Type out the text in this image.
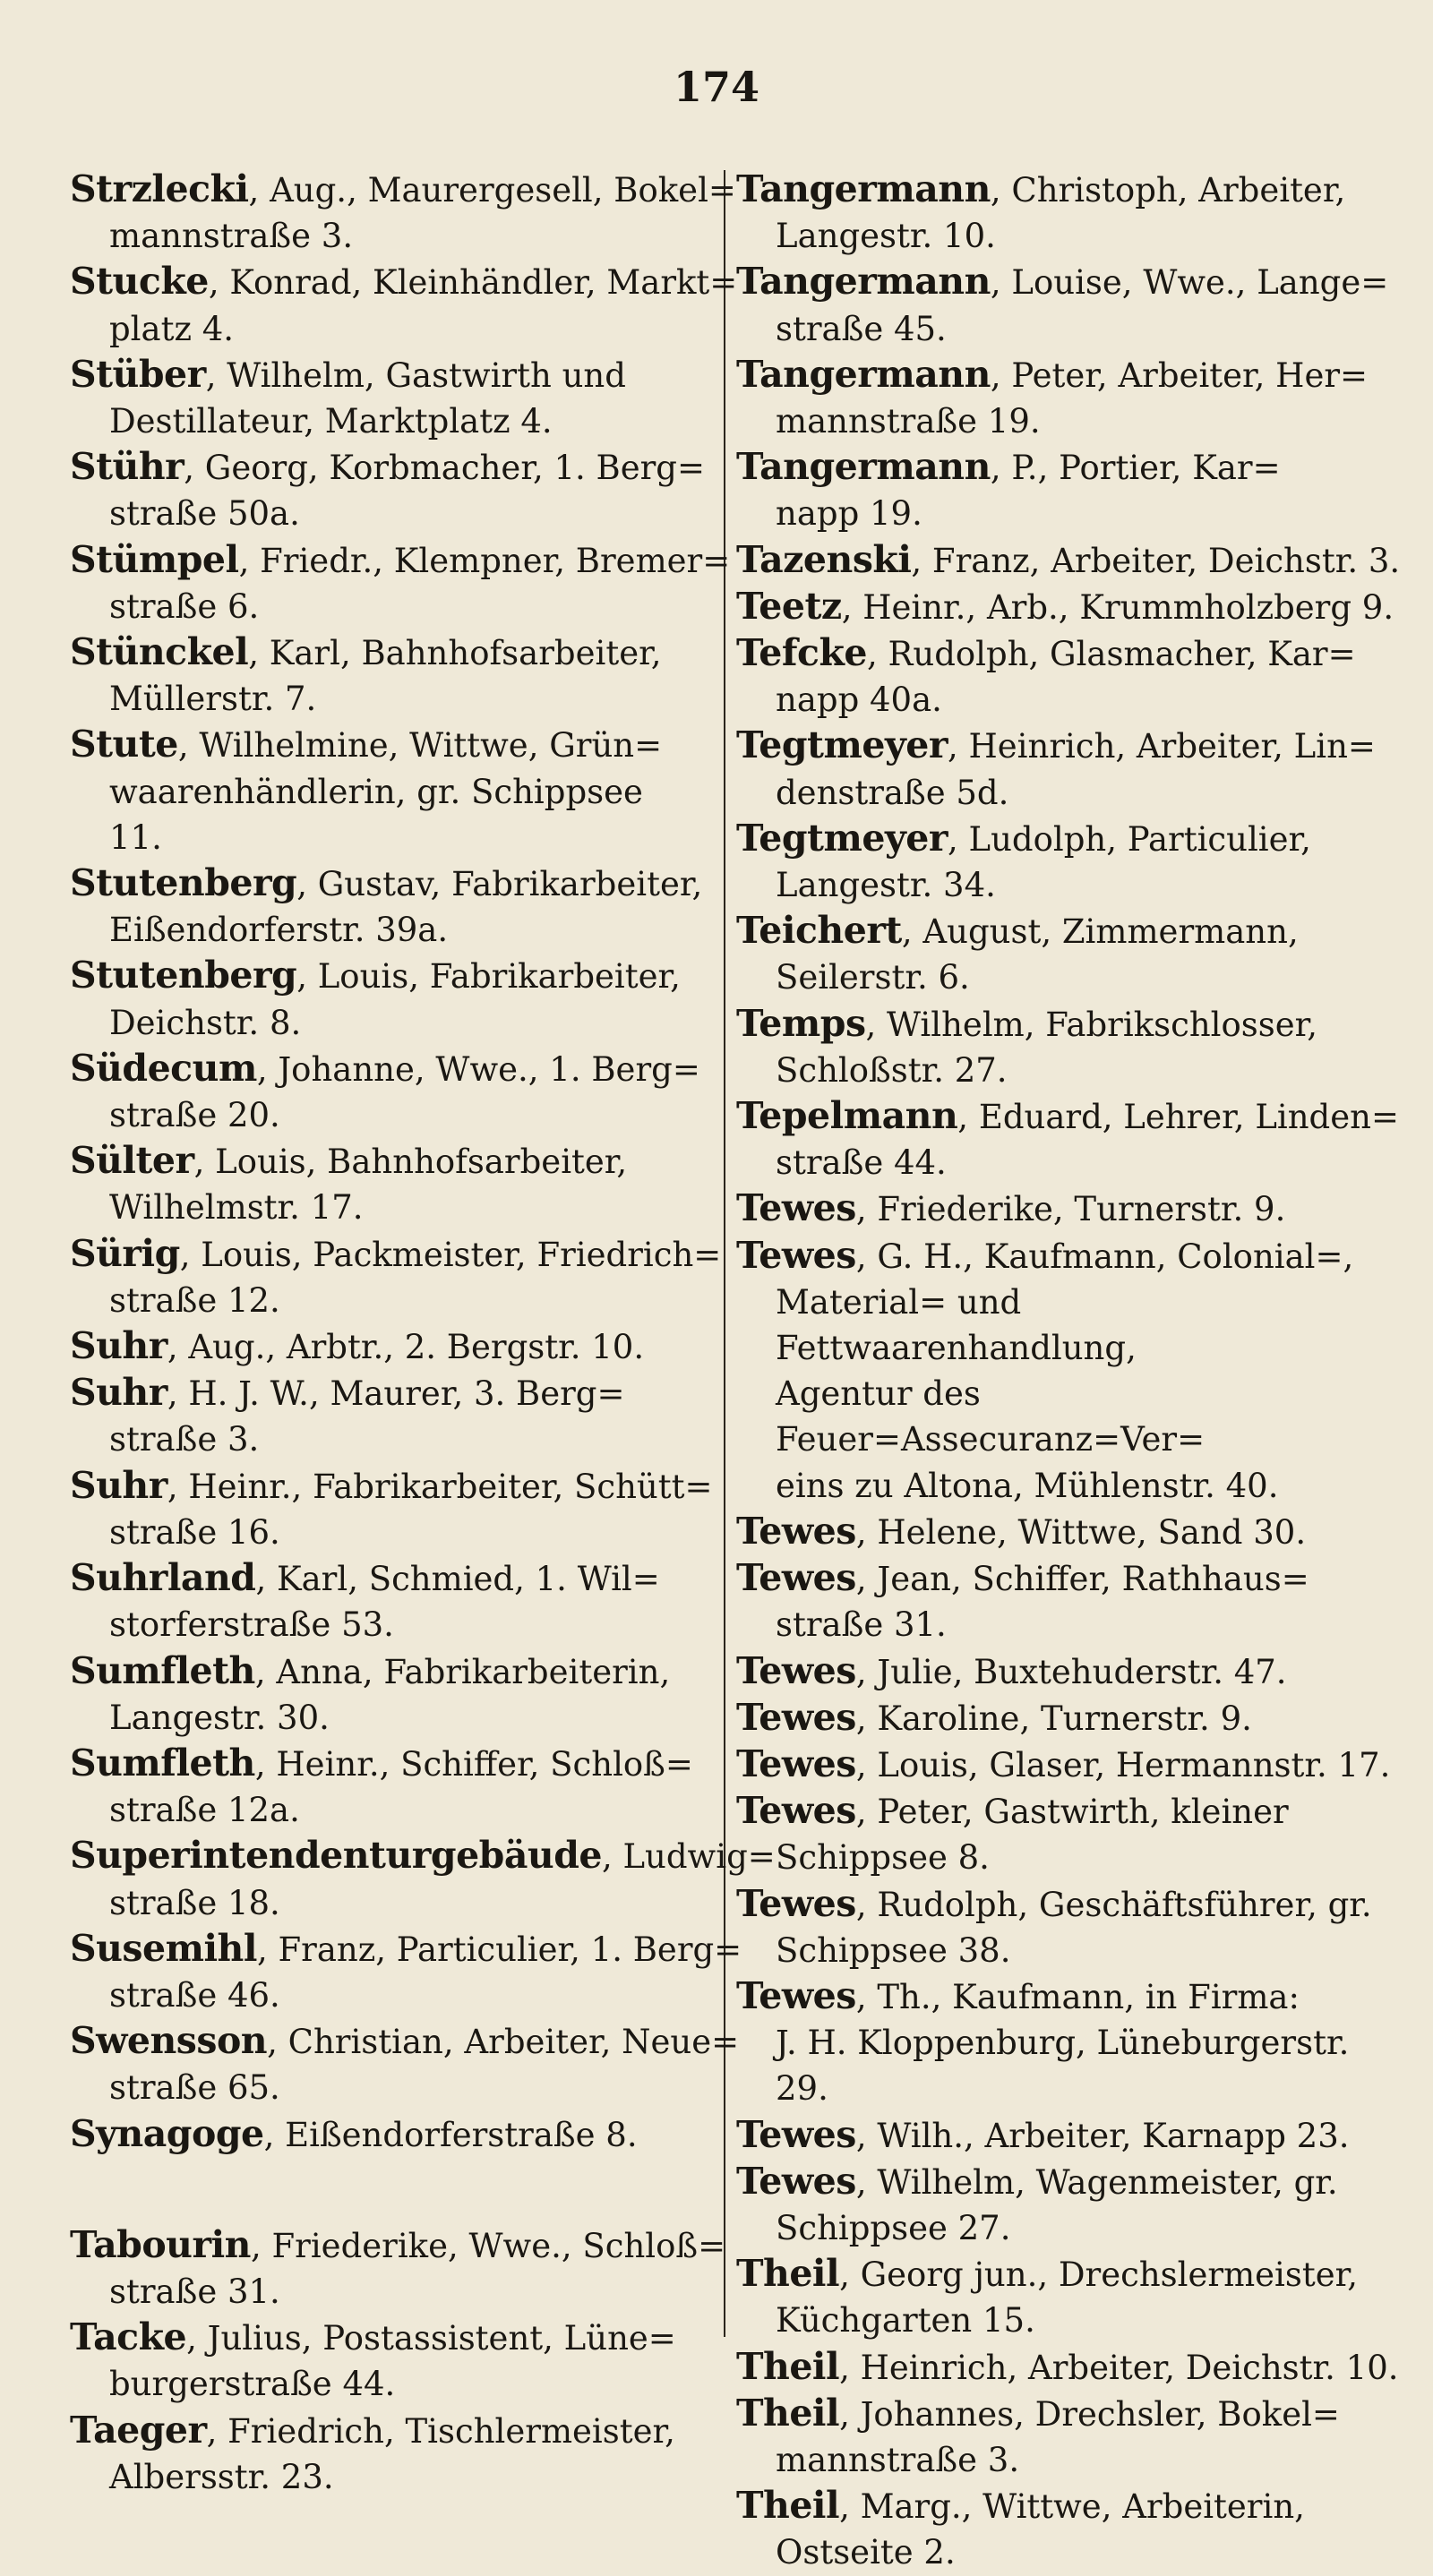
174
Strzlecki, Aug., Maurergesell, Bokel=
mannstraße 3.
Stucke, Konrad, Kleinhändler, Markt=
platz 4.
Stüber, Wilhelm, Gastwirth und
Destillateur, Marktplatz 4.
Stühr, Georg, Korbmacher, 1. Berg=
straße 50a.
Stümpel, Friedr., Klempner, Bremer=
straße 6.
Stünckel, Karl, Bahnhofsarbeiter,
Müllerstr. 7.
Stute, Wilhelmine, Wittwe, Grün=
waarenhändlerin, gr. Schippsee 11.
Stutenberg, Gustav, Fabrikarbeiter,
Eißendorferstr. 39a.
Stutenberg, Louis, Fabrikarbeiter,
Deichstr. 8.
Südecum, Johanne, Wwe., 1. Berg=
straße 20.
Sülter, Louis, Bahnhofsarbeiter,
Wilhelmstr. 17.
Sürig, Louis, Packmeister, Friedrich=
straße 12.
Suhr, Aug., Arbtr., 2. Bergstr. 10.
Suhr, H. J. W., Maurer, 3. Berg=
straße 3.
Suhr, Heinr., Fabrikarbeiter, Schütt=
straße 16.
Suhrland, Karl, Schmied, 1. Wil=
storferstraße 53.
Sumfleth, Anna, Fabrikarbeiterin,
Langestr. 30.
Sumfleth, Heinr., Schiffer, Schloß=
straße 12a.
Superintendenturgebäude, Ludwig=
straße 18.
Susemihl, Franz, Particulier, 1. Berg=
straße 46.
Swensson, Christian, Arbeiter, Neue=
straße 65.
Synagoge, Eißendorferstraße 8.
Tabourin, Friederike, Wwe., Schloß=
straße 31.
Tacke, Julius, Postassistent, Lüne=
burgerstraße 44.
Taeger, Friedrich, Tischlermeister,
Albersstr. 23.
Tangermann, Christoph, Arbeiter,
Langestr. 10.
Tangermann, Louise, Wwe., Lange=
straße 45.
Tangermann, Peter, Arbeiter, Her=
mannstraße 19.
Tangermann, P., Portier, Kar=
napp 19.
Tazenski, Franz, Arbeiter, Deichstr. 3.
Teetz, Heinr., Arb., Krummholzberg 9.
Tefcke, Rudolph, Glasmacher, Kar=
napp 40a.
Tegtmeyer, Heinrich, Arbeiter, Lin=
denstraße 5d.
Tegtmeyer, Ludolph, Particulier,
Langestr. 34.
Teichert, August, Zimmermann,
Seilerstr. 6.
Temps, Wilhelm, Fabrikschlosser,
Schloßstr. 27.
Tepelmann, Eduard, Lehrer, Linden=
straße 44.
Tewes, Friederike, Turnerstr. 9.
Tewes, G. H., Kaufmann, Colonial=,
Material= und Fettwaarenhandlung,
Agentur des Feuer=Assecuranz=Ver=
eins zu Altona, Mühlenstr. 40.
Tewes, Helene, Wittwe, Sand 30.
Tewes, Jean, Schiffer, Rathhaus=
straße 31.
Tewes, Julie, Buxtehuderstr. 47.
Tewes, Karoline, Turnerstr. 9.
Tewes, Louis, Glaser, Hermannstr. 17.
Tewes, Peter, Gastwirth, kleiner
Schippsee 8.
Tewes, Rudolph, Geschäftsführer, gr.
Schippsee 38.
Tewes, Th., Kaufmann, in Firma:
J. H. Kloppenburg, Lüneburgerstr. 29.
Tewes, Wilh., Arbeiter, Karnapp 23.
Tewes, Wilhelm, Wagenmeister, gr.
Schippsee 27.
Theil, Georg jun., Drechslermeister,
Küchgarten 15.
Theil, Heinrich, Arbeiter, Deichstr. 10.
Theil, Johannes, Drechsler, Bokel=
mannstraße 3.
Theil, Marg., Wittwe, Arbeiterin,
Ostseite 2.
